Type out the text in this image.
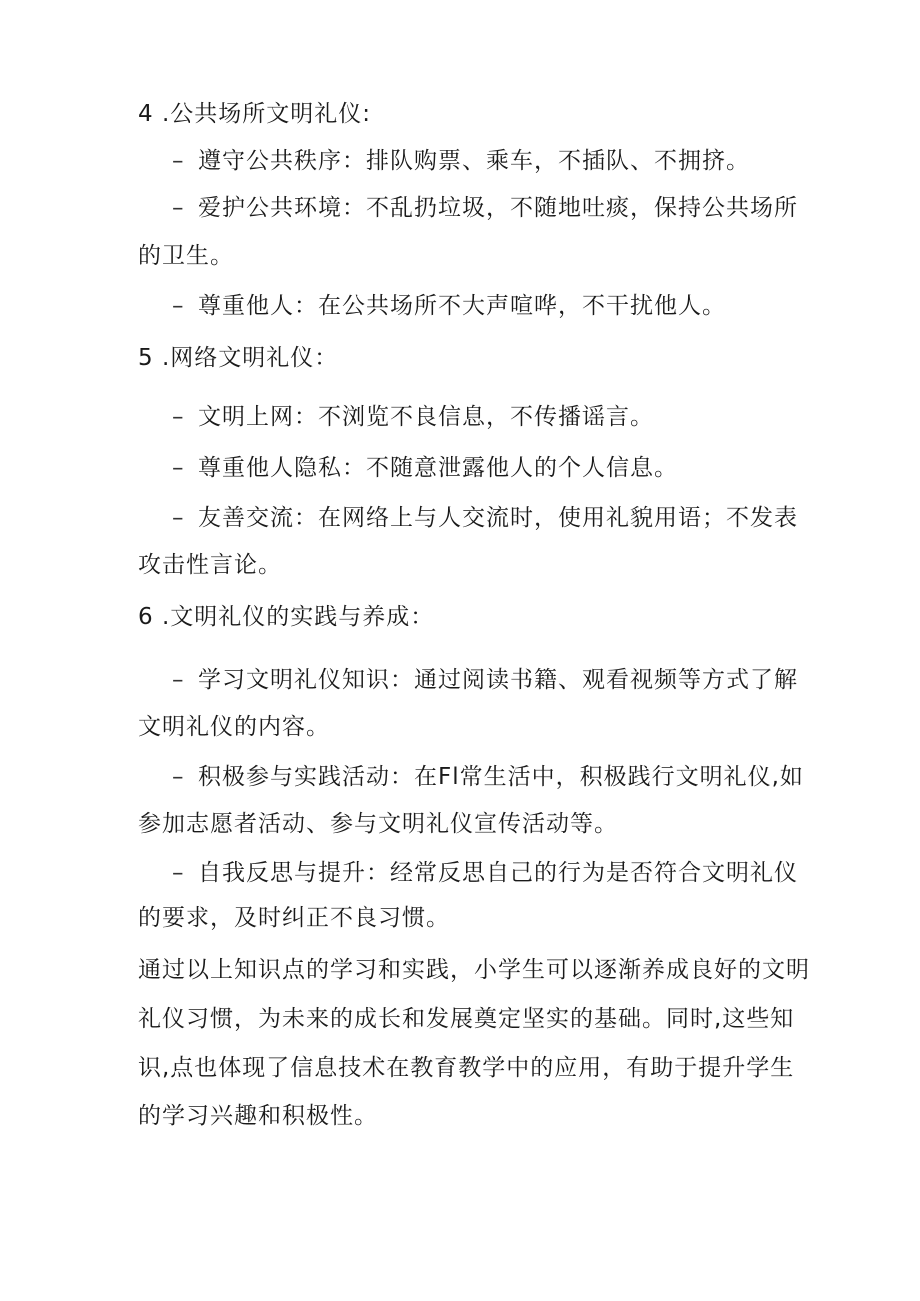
4 .公共场所文明礼仪:
– 遵守公共秩序：排队购票、乘车，不插队、不拥挤。
– 爱护公共环境：不乱扔垃圾，不随地吐痰，保持公共场所
的卫生。
– 尊重他人：在公共场所不大声喧哗，不干扰他人。
5 .网络文明礼仪：
– 文明上网：不浏览不良信息，不传播谣言。
– 尊重他人隐私：不随意泄露他人的个人信息。
– 友善交流：在网络上与人交流时，使用礼貌用语；不发表
攻击性言论。
6 .文明礼仪的实践与养成：
– 学习文明礼仪知识：通过阅读书籍、观看视频等方式了解
文明礼仪的内容。
– 积极参与实践活动：在Fl常生活中，积极践行文明礼仪,如
参加志愿者活动、参与文明礼仪宣传活动等。
– 自我反思与提升：经常反思自己的行为是否符合文明礼仪
的要求，及时纠正不良习惯。
通过以上知识点的学习和实践，小学生可以逐渐养成良好的文明
礼仪习惯，为未来的成长和发展奠定坚实的基础。同时,这些知
识,点也体现了信息技术在教育教学中的应用，有助于提升学生
的学习兴趣和积极性。
